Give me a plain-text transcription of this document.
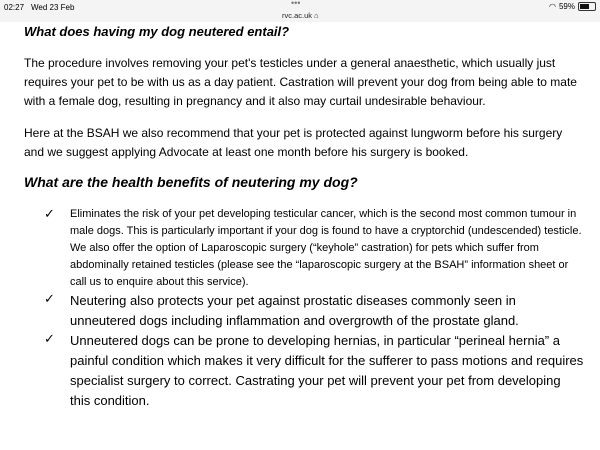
02:27 Wed 23 Feb	•••
rvc.ac.uk ⌂
◠ 59%
What does having my dog neutered entail?

The procedure involves removing your pet's testicles under a general anaesthetic, which usually just requires your pet to be with us as a day patient. Castration will prevent your dog from being able to mate with a female dog, resulting in pregnancy and it also may curtail undesirable behaviour.

Here at the BSAH we also recommend that your pet is protected against lungworm before his surgery and we suggest applying Advocate at least one month before his surgery is booked.

What are the health benefits of neutering my dog?
✓ Eliminates the risk of your pet developing testicular cancer, which is the second most common tumour in male dogs. This is particularly important if your dog is found to have a cryptorchid (undescended) testicle.
We also offer the option of Laparoscopic surgery (“keyhole” castration) for pets which suffer from abdominally retained testicles (please see the “laparoscopic surgery at the BSAH” information sheet or call us to enquire about this service).
✓ Neutering also protects your pet against prostatic diseases commonly seen in unneutered dogs including inflammation and overgrowth of the prostate gland.
✓ Unneutered dogs can be prone to developing hernias, in particular “perineal hernia” a painful condition which makes it very difficult for the sufferer to pass motions and requires specialist surgery to correct. Castrating your pet will prevent your pet from developing this condition.
